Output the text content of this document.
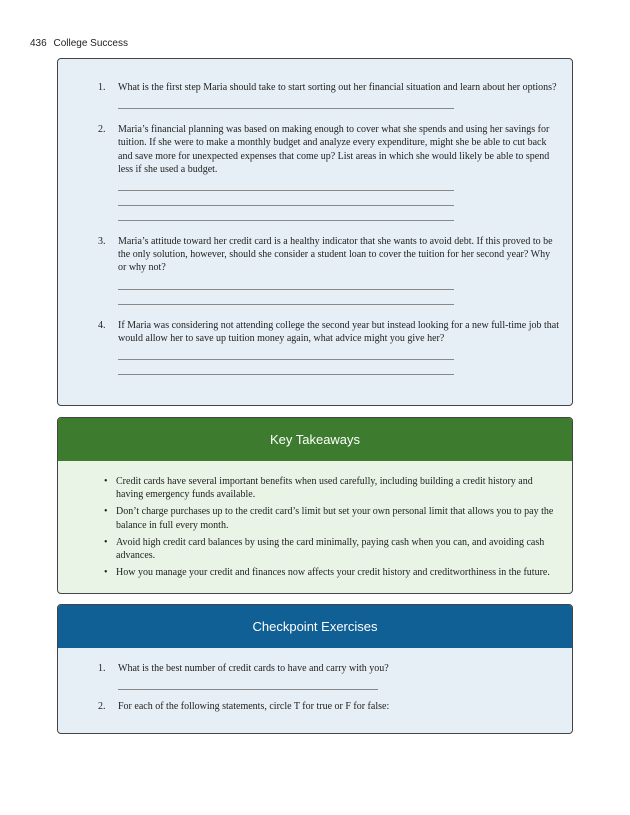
436 College Success
1.	What is the first step Maria should take to start sorting out her financial situation and learn about her options?
2.	Maria’s financial planning was based on making enough to cover what she spends and using her savings for tuition. If she were to make a monthly budget and analyze every expenditure, might she be able to cut back and save more for unexpected expenses that come up? List areas in which she would likely be able to spend less if she used a budget.
3.	Maria’s attitude toward her credit card is a healthy indicator that she wants to avoid debt. If this proved to be the only solution, however, should she consider a student loan to cover the tuition for her second year? Why or why not?
4.	If Maria was considering not attending college the second year but instead looking for a new full-time job that would allow her to save up tuition money again, what advice might you give her?
Key Takeaways
• Credit cards have several important benefits when used carefully, including building a credit history and having emergency funds available.
• Don’t charge purchases up to the credit card’s limit but set your own personal limit that allows you to pay the balance in full every month.
• Avoid high credit card balances by using the card minimally, paying cash when you can, and avoiding cash advances.
• How you manage your credit and finances now affects your credit history and creditworthiness in the future.
Checkpoint Exercises
1.	What is the best number of credit cards to have and carry with you?
2.	For each of the following statements, circle T for true or F for false:
